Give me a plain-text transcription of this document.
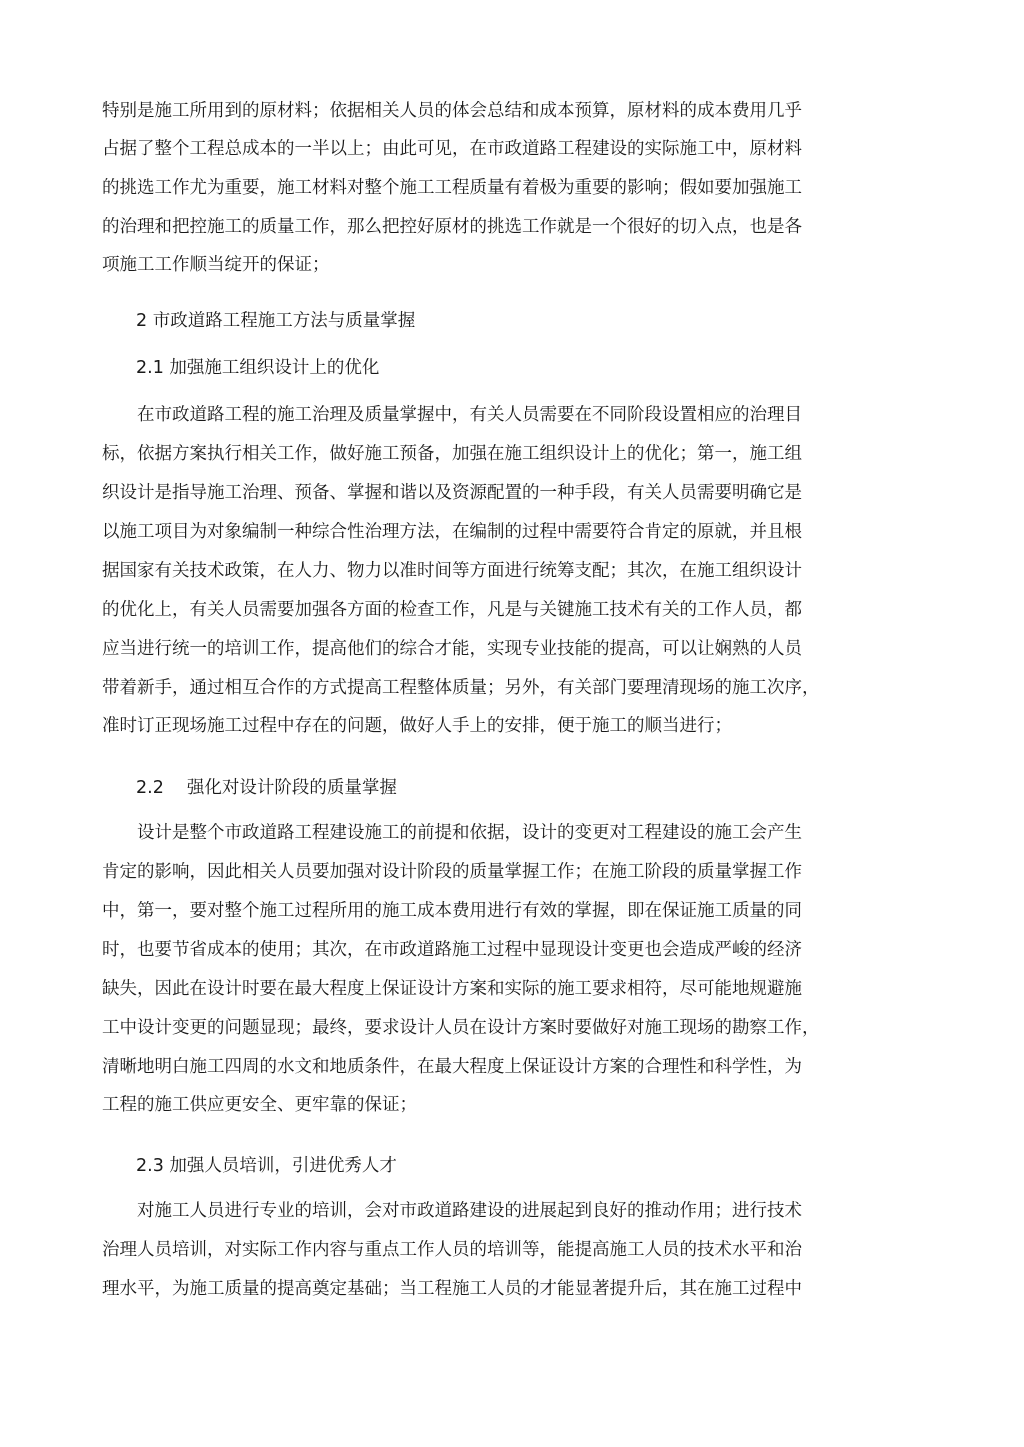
特别是施工所用到的原材料；依据相关人员的体会总结和成本预算，原材料的成本费用几乎

占据了整个工程总成本的一半以上；由此可见，在市政道路工程建设的实际施工中，原材料

的挑选工作尤为重要，施工材料对整个施工工程质量有着极为重要的影响；假如要加强施工

的治理和把控施工的质量工作，那么把控好原材的挑选工作就是一个很好的切入点，也是各

项施工工作顺当绽开的保证；

2 市政道路工程施工方法与质量掌握
2.1 加强施工组织设计上的优化

　　在市政道路工程的施工治理及质量掌握中，有关人员需要在不同阶段设置相应的治理目

标，依据方案执行相关工作，做好施工预备，加强在施工组织设计上的优化；第一，施工组

织设计是指导施工治理、预备、掌握和谐以及资源配置的一种手段，有关人员需要明确它是

以施工项目为对象编制一种综合性治理方法，在编制的过程中需要符合肯定的原就，并且根

据国家有关技术政策，在人力、物力以准时间等方面进行统筹支配；其次，在施工组织设计

的优化上，有关人员需要加强各方面的检查工作，凡是与关键施工技术有关的工作人员，都

应当进行统一的培训工作，提高他们的综合才能，实现专业技能的提高，可以让娴熟的人员

带着新手，通过相互合作的方式提高工程整体质量；另外，有关部门要理清现场的施工次序，

准时订正现场施工过程中存在的问题，做好人手上的安排，便于施工的顺当进行；

2.2　 强化对设计阶段的质量掌握

　　设计是整个市政道路工程建设施工的前提和依据，设计的变更对工程建设的施工会产生

肯定的影响，因此相关人员要加强对设计阶段的质量掌握工作；在施工阶段的质量掌握工作

中，第一，要对整个施工过程所用的施工成本费用进行有效的掌握，即在保证施工质量的同

时，也要节省成本的使用；其次，在市政道路施工过程中显现设计变更也会造成严峻的经济

缺失，因此在设计时要在最大程度上保证设计方案和实际的施工要求相符，尽可能地规避施

工中设计变更的问题显现；最终，要求设计人员在设计方案时要做好对施工现场的勘察工作，

清晰地明白施工四周的水文和地质条件，在最大程度上保证设计方案的合理性和科学性，为

工程的施工供应更安全、更牢靠的保证；

2.3 加强人员培训，引进优秀人才

　　对施工人员进行专业的培训，会对市政道路建设的进展起到良好的推动作用；进行技术

治理人员培训，对实际工作内容与重点工作人员的培训等，能提高施工人员的技术水平和治

理水平，为施工质量的提高奠定基础；当工程施工人员的才能显著提升后，其在施工过程中
